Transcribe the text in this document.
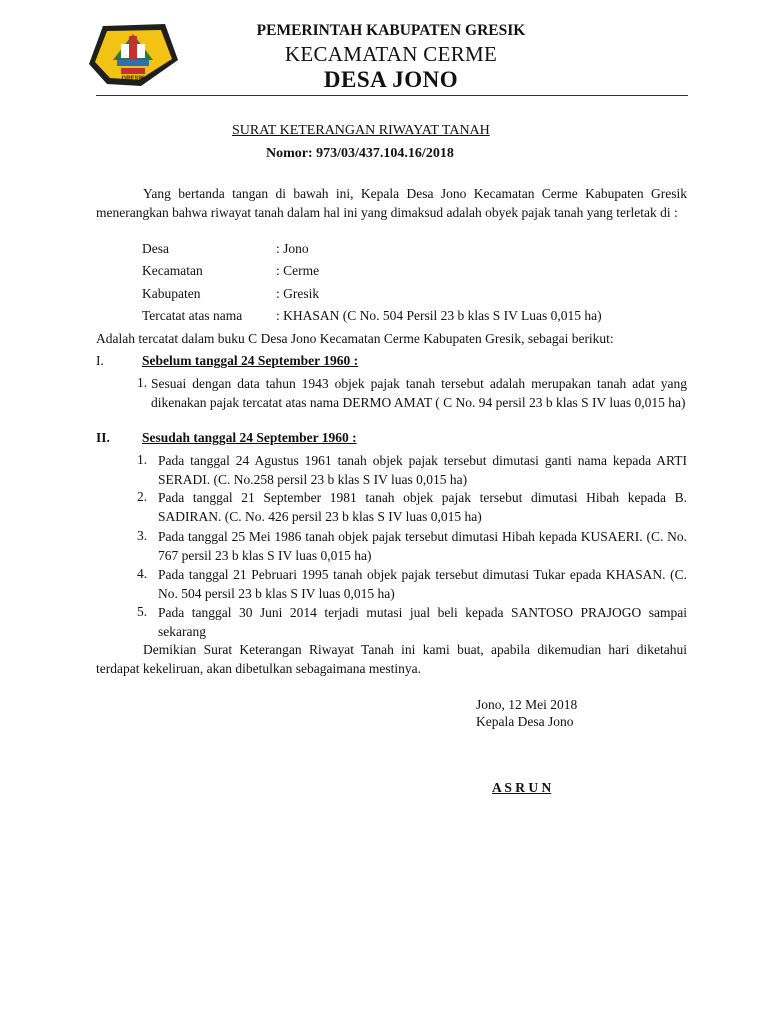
GRESIK
PEMERINTAH KABUPATEN GRESIK
KECAMATAN CERME
DESA JONO
SURAT KETERANGAN RIWAYAT TANAH
Nomor: 973/03/437.104.16/2018
Yang bertanda tangan di bawah ini, Kepala Desa Jono Kecamatan Cerme Kabupaten Gresik menerangkan bahwa riwayat tanah dalam hal ini yang dimaksud adalah obyek pajak tanah yang terletak di :
Desa	: Jono
Kecamatan	: Cerme
Kabupaten	: Gresik
Tercatat atas nama	: KHASAN (C No. 504 Persil 23 b klas S IV Luas 0,015 ha)
Adalah tercatat dalam buku C Desa Jono Kecamatan Cerme Kabupaten Gresik, sebagai berikut:
I.	Sebelum tanggal 24 September 1960 :
1. Sesuai dengan data tahun 1943 objek pajak tanah tersebut adalah merupakan tanah adat yang dikenakan pajak tercatat atas nama DERMO AMAT ( C No. 94 persil 23 b klas S IV luas 0,015 ha)
II. Sesudah tanggal 24 September 1960 :
1. Pada tanggal 24 Agustus 1961 tanah objek pajak tersebut dimutasi ganti nama kepada ARTI SERADI. (C. No.258 persil 23 b klas S IV luas 0,015 ha)
2. Pada tanggal 21 September 1981 tanah objek pajak tersebut dimutasi Hibah kepada B. SADIRAN. (C. No. 426 persil 23 b klas S IV luas 0,015 ha)
3. Pada tanggal 25 Mei 1986 tanah objek pajak tersebut dimutasi Hibah kepada KUSAERI. (C. No. 767 persil 23 b klas S IV luas 0,015 ha)
4. Pada tanggal 21 Pebruari 1995 tanah objek pajak tersebut dimutasi Tukar epada KHASAN. (C. No. 504 persil 23 b klas S IV luas 0,015 ha)
5. Pada tanggal 30 Juni 2014 terjadi mutasi jual beli kepada SANTOSO PRAJOGO sampai sekarang
Demikian Surat Keterangan Riwayat Tanah ini kami buat, apabila dikemudian hari diketahui terdapat kekeliruan, akan dibetulkan sebagaimana mestinya.
Jono, 12 Mei 2018
Kepala Desa Jono
A S R U N
